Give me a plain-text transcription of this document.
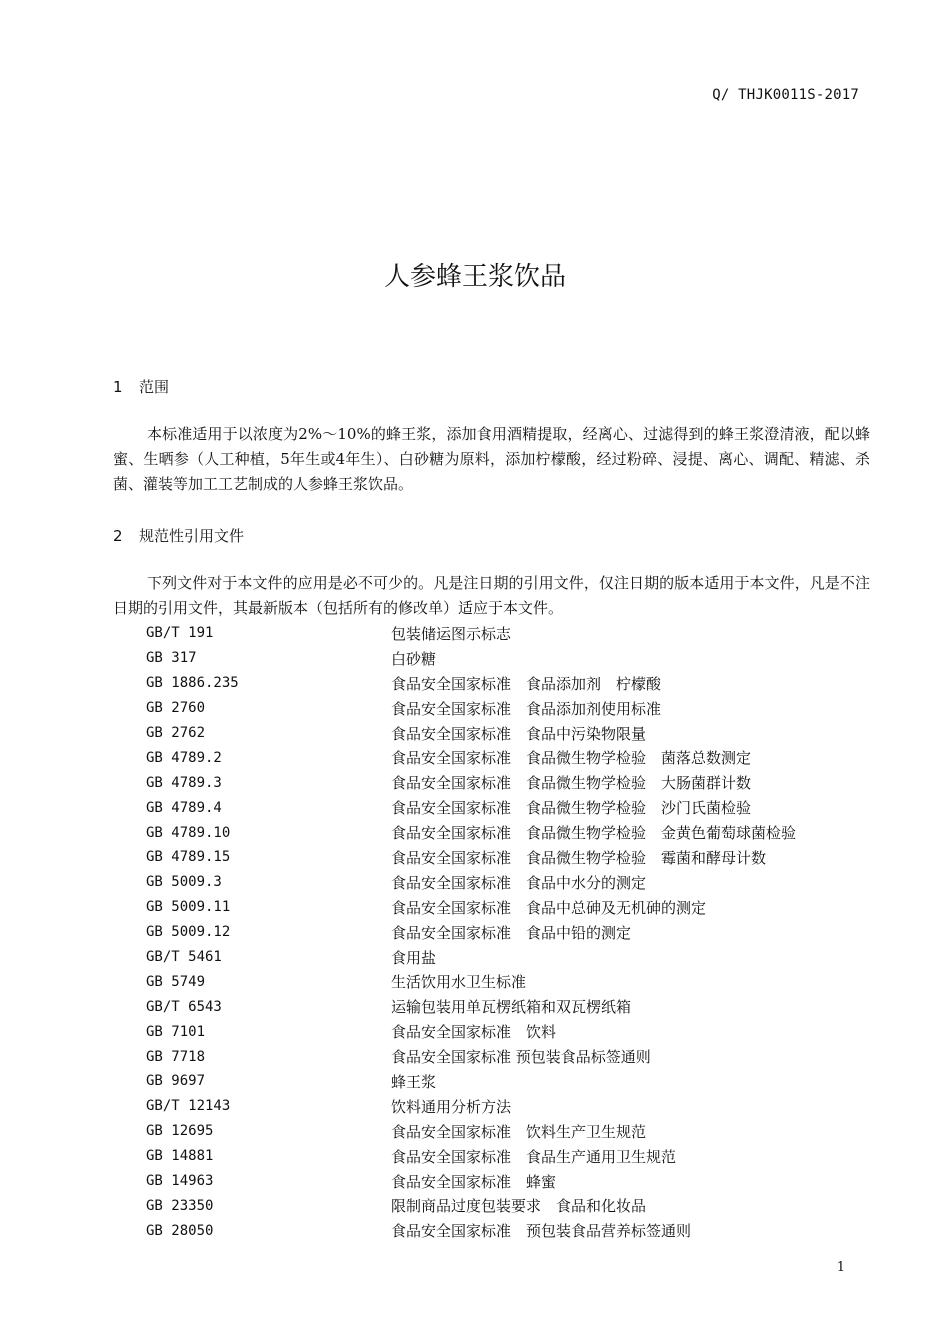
Q/ THJK0011S-2017
人参蜂王浆饮品
1 范围
本标准适用于以浓度为2%～10%的蜂王浆，添加食用酒精提取，经离心、过滤得到的蜂王浆澄清液，配以蜂蜜、生晒参（人工种植，5年生或4年生）、白砂糖为原料，添加柠檬酸，经过粉碎、浸提、离心、调配、精滤、杀菌、灌装等加工工艺制成的人参蜂王浆饮品。
2 规范性引用文件
下列文件对于本文件的应用是必不可少的。凡是注日期的引用文件，仅注日期的版本适用于本文件，凡是不注日期的引用文件，其最新版本（包括所有的修改单）适应于本文件。
GB/T 191	包装储运图示标志
GB 317	白砂糖
GB 1886.235	食品安全国家标准　食品添加剂　柠檬酸
GB 2760	食品安全国家标准　食品添加剂使用标准
GB 2762	食品安全国家标准　食品中污染物限量
GB 4789.2	食品安全国家标准　食品微生物学检验　菌落总数测定
GB 4789.3	食品安全国家标准　食品微生物学检验　大肠菌群计数
GB 4789.4	食品安全国家标准　食品微生物学检验　沙门氏菌检验
GB 4789.10	食品安全国家标准　食品微生物学检验　金黄色葡萄球菌检验
GB 4789.15	食品安全国家标准　食品微生物学检验　霉菌和酵母计数
GB 5009.3	食品安全国家标准　食品中水分的测定
GB 5009.11	食品安全国家标准　食品中总砷及无机砷的测定
GB 5009.12	食品安全国家标准　食品中铅的测定
GB/T 5461	食用盐
GB 5749	生活饮用水卫生标准
GB/T 6543	运输包装用单瓦楞纸箱和双瓦楞纸箱
GB 7101	食品安全国家标准　饮料
GB 7718	食品安全国家标准 预包装食品标签通则
GB 9697	蜂王浆
GB/T 12143	饮料通用分析方法
GB 12695	食品安全国家标准　饮料生产卫生规范
GB 14881	食品安全国家标准　食品生产通用卫生规范
GB 14963	食品安全国家标准　蜂蜜
GB 23350	限制商品过度包装要求　食品和化妆品
GB 28050	食品安全国家标准　预包装食品营养标签通则
1
